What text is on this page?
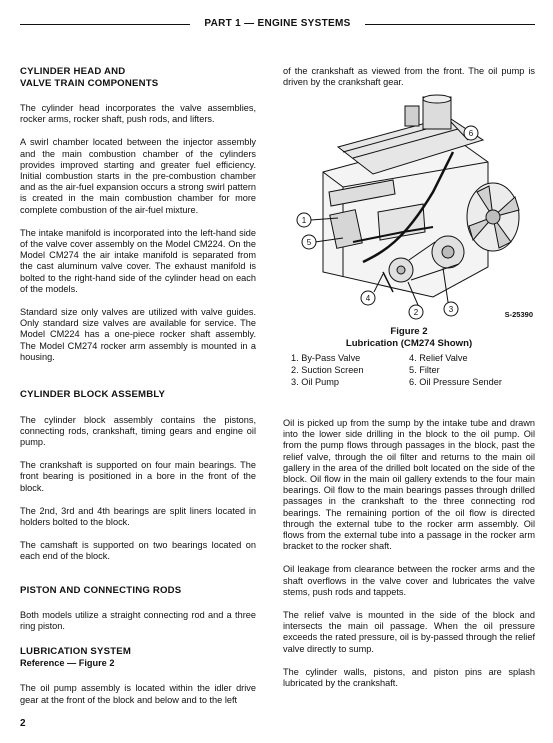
PART 1 — ENGINE SYSTEMS
CYLINDER HEAD AND
VALVE TRAIN COMPONENTS

The cylinder head incorporates the valve assemblies, rocker arms, rocker shaft, push rods, and lifters.

A swirl chamber located between the injector assembly and the main combustion chamber of the cylinders provides improved starting and greater fuel efficiency. Initial combustion starts in the pre-combustion chamber and as the air-fuel expansion occurs a strong swirl pattern is created in the main combustion chamber for more complete combustion of the air-fuel mixture.

The intake manifold is incorporated into the left-hand side of the valve cover assembly on the Model CM224. On the Model CM274 the air intake manifold is separated from the cast aluminum valve cover. The exhaust manifold is bolted to the right-hand side of the cylinder head on each of the models.

Standard size only valves are utilized with valve guides. Only standard size valves are available for service. The Model CM224 has a one-piece rocker shaft assembly. The Model CM274 rocker arm assembly is mounted in a housing.

CYLINDER BLOCK ASSEMBLY

The cylinder block assembly contains the pistons, connecting rods, crankshaft, timing gears and engine oil pump.

The crankshaft is supported on four main bearings. The front bearing is positioned in a bore in the front of the block.

The 2nd, 3rd and 4th bearings are split liners located in holders bolted to the block.

The camshaft is supported on two bearings located on each end of the block.

PISTON AND CONNECTING RODS

Both models utilize a straight connecting rod and a three ring piston.

LUBRICATION SYSTEM
Reference — Figure 2

The oil pump assembly is located within the idler drive gear at the front of the block and below and to the left

of the crankshaft as viewed from the front. The oil pump is driven by the crankshaft gear.

1
2	3
4
5
6
S-25390
Figure 2
Lubrication (CM274 Shown)
1. By-Pass Valve	4. Relief Valve
2. Suction Screen	5. Filter
3. Oil Pump	6. Oil Pressure Sender

Oil is picked up from the sump by the intake tube and drawn into the lower side drilling in the block to the oil pump. Oil from the pump flows through passages in the block, past the relief valve, through the oil filter and returns to the main oil gallery in the area of the drilled bolt located on the side of the block. Oil flow in the main oil gallery extends to the four main bearings. Oil flow to the main bearings passes through drilled passages in the crankshaft to the three connecting rod bearings. The remaining portion of the oil flow is directed through the external tube to the rocker arm assembly. Oil flows from the external tube into a passage in the rocker arm bracket to the rocker shaft.

Oil leakage from clearance between the rocker arms and the shaft overflows in the valve cover and lubricates the valve stems, push rods and tappets.

The relief valve is mounted in the side of the block and intersects the main oil passage. When the oil pressure exceeds the rated pressure, oil is by-passed through the relief valve directly to sump.

The cylinder walls, pistons, and piston pins are splash lubricated by the crankshaft.

2
